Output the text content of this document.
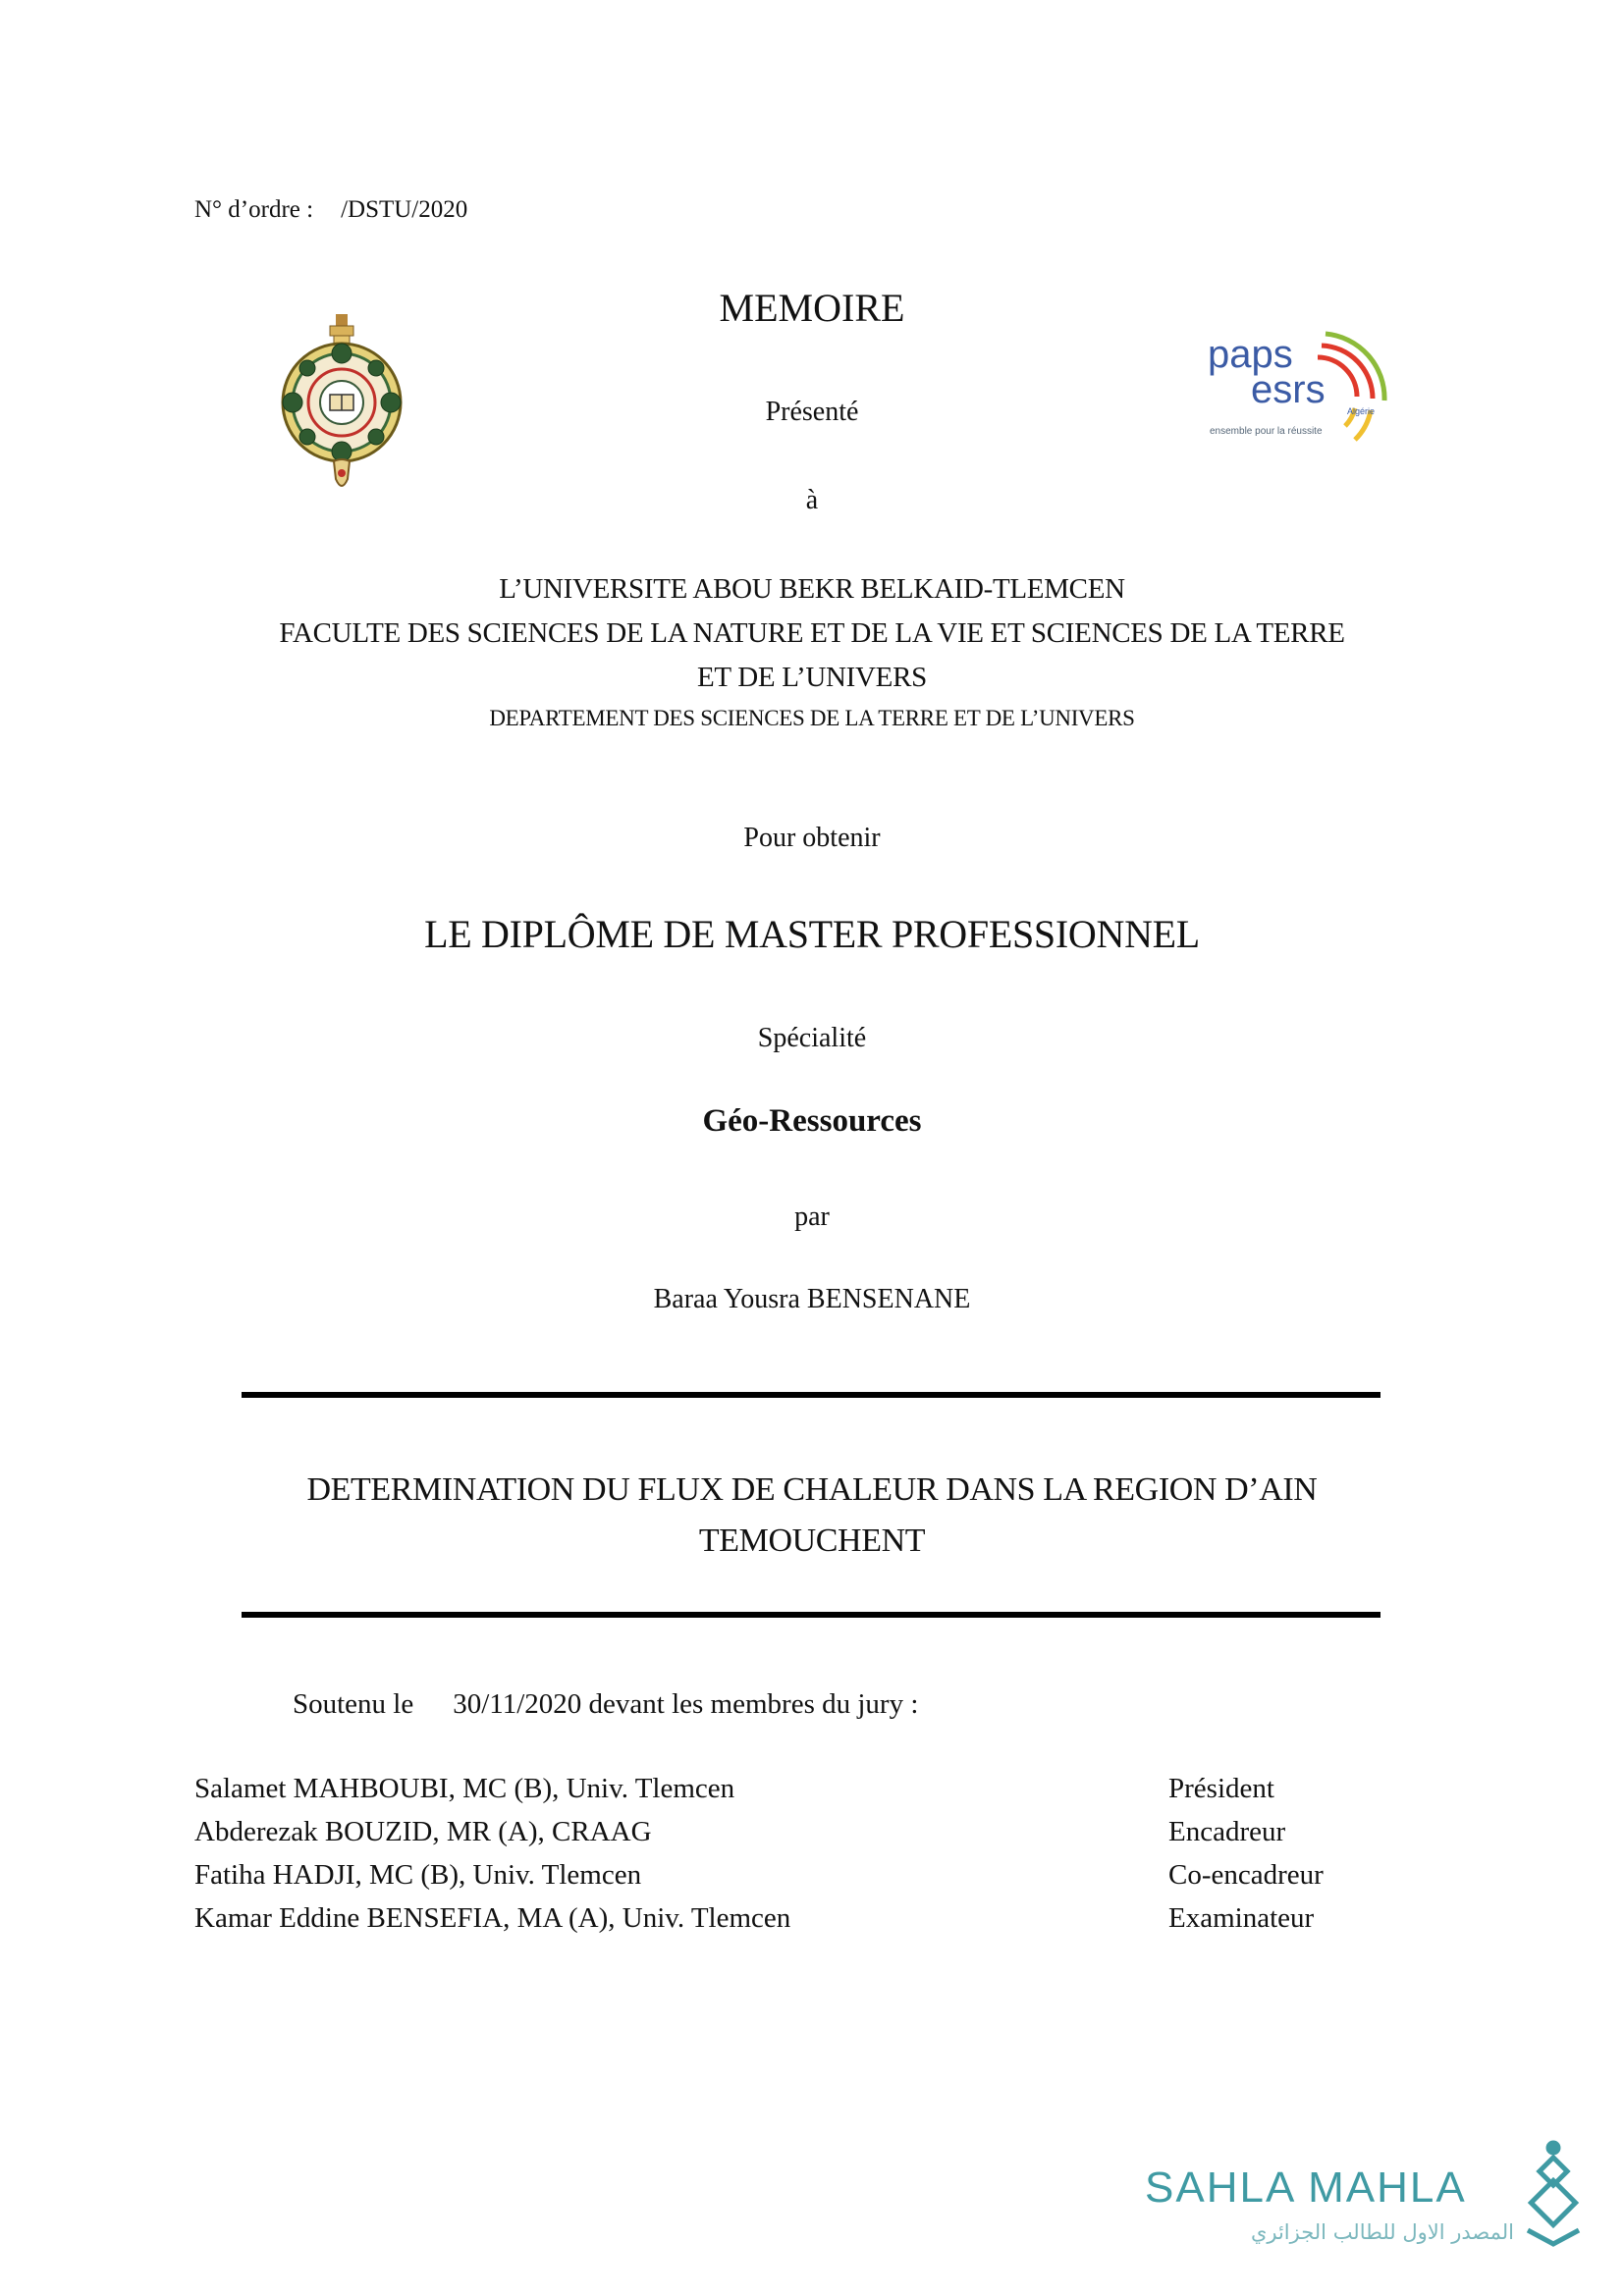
N° d’ordre : /DSTU/2020
paps
esrs Algérie
ensemble pour la réussite
MEMOIRE
Présenté
à
L’UNIVERSITE ABOU BEKR BELKAID-TLEMCEN
FACULTE DES SCIENCES DE LA NATURE ET DE LA VIE ET SCIENCES DE LA TERRE
ET DE L’UNIVERS
DEPARTEMENT DES SCIENCES DE LA TERRE ET DE L’UNIVERS
Pour obtenir
LE DIPLÔME DE MASTER PROFESSIONNEL
Spécialité
Géo-Ressources
par
Baraa Yousra BENSENANE
DETERMINATION DU FLUX DE CHALEUR DANS LA REGION D’AIN
TEMOUCHENT
Soutenu le 30/11/2020 devant les membres du jury :
Salamet MAHBOUBI, MC (B), Univ. Tlemcen	Président
Abderezak BOUZID, MR (A), CRAAG	Encadreur
Fatiha HADJI, MC (B), Univ. Tlemcen	Co-encadreur
Kamar Eddine BENSEFIA, MA (A), Univ. Tlemcen	Examinateur
SAHLA MAHLA
المصدر الاول للطالب الجزائري
